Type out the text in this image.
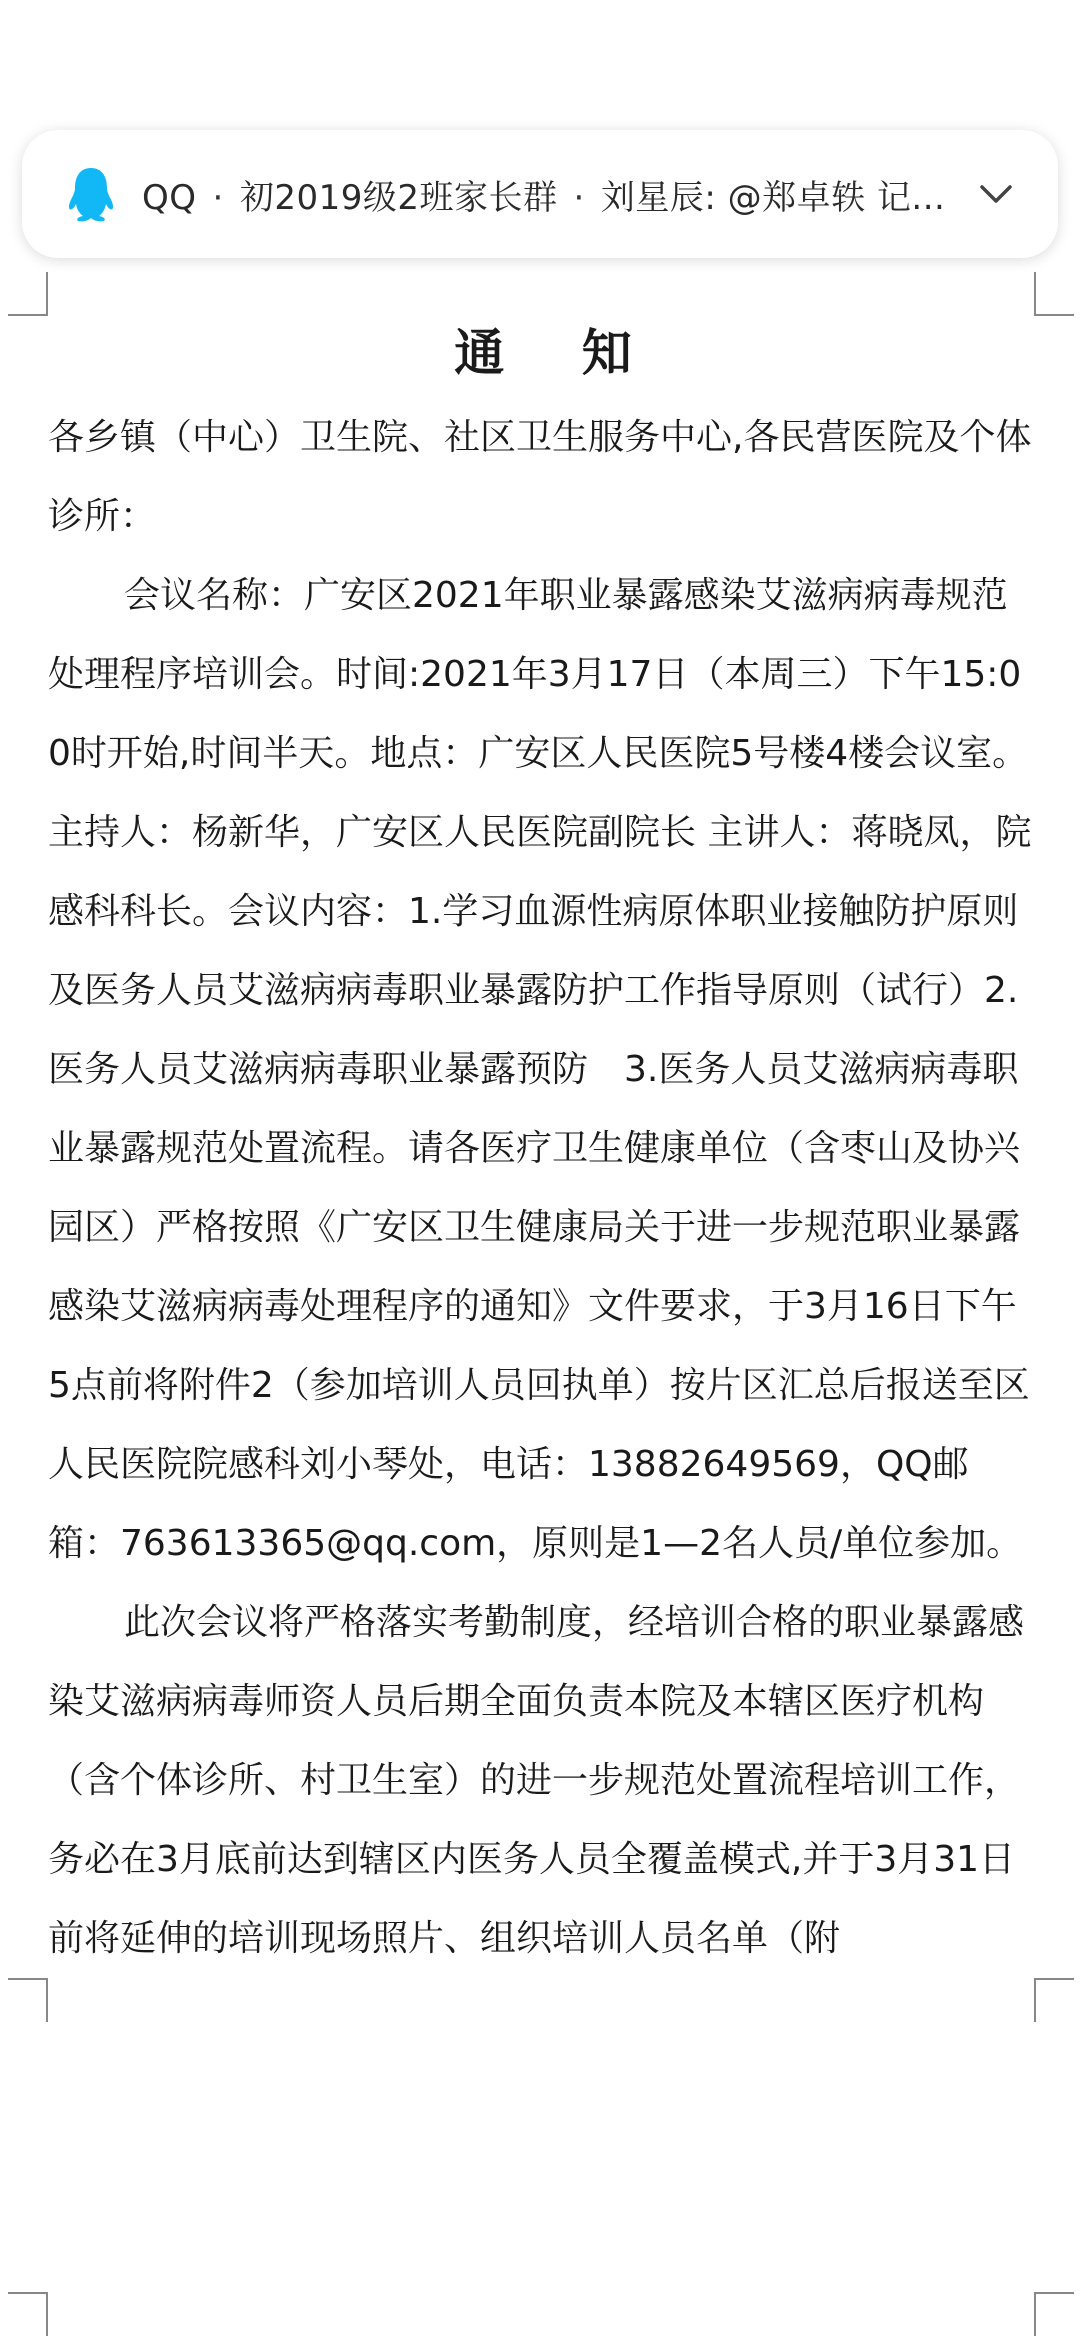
QQ · 初2019级2班家长群 · 刘星辰: @郑卓轶 记...
通 知

各乡镇（中心）卫生院、社区卫生服务中心,各民营医院及个体诊所：

会议名称：广安区2021年职业暴露感染艾滋病病毒规范处理程序培训会。时间:2021年3月17日（本周三）下午15:00时开始,时间半天。地点：广安区人民医院5号楼4楼会议室。主持人：杨新华，广安区人民医院副院长 主讲人：蒋晓凤，院感科科长。会议内容：1.学习血源性病原体职业接触防护原则及医务人员艾滋病病毒职业暴露防护工作指导原则（试行）2.医务人员艾滋病病毒职业暴露预防　3.医务人员艾滋病病毒职业暴露规范处置流程。请各医疗卫生健康单位（含枣山及协兴园区）严格按照《广安区卫生健康局关于进一步规范职业暴露感染艾滋病病毒处理程序的通知》文件要求，于3月16日下午5点前将附件2（参加培训人员回执单）按片区汇总后报送至区人民医院院感科刘小琴处，电话：13882649569，QQ邮箱：763613365@qq.com，原则是1—2名人员/单位参加。

此次会议将严格落实考勤制度，经培训合格的职业暴露感染艾滋病病毒师资人员后期全面负责本院及本辖区医疗机构（含个体诊所、村卫生室）的进一步规范处置流程培训工作，务必在3月底前达到辖区内医务人员全覆盖模式,并于3月31日前将延伸的培训现场照片、组织培训人员名单（附
